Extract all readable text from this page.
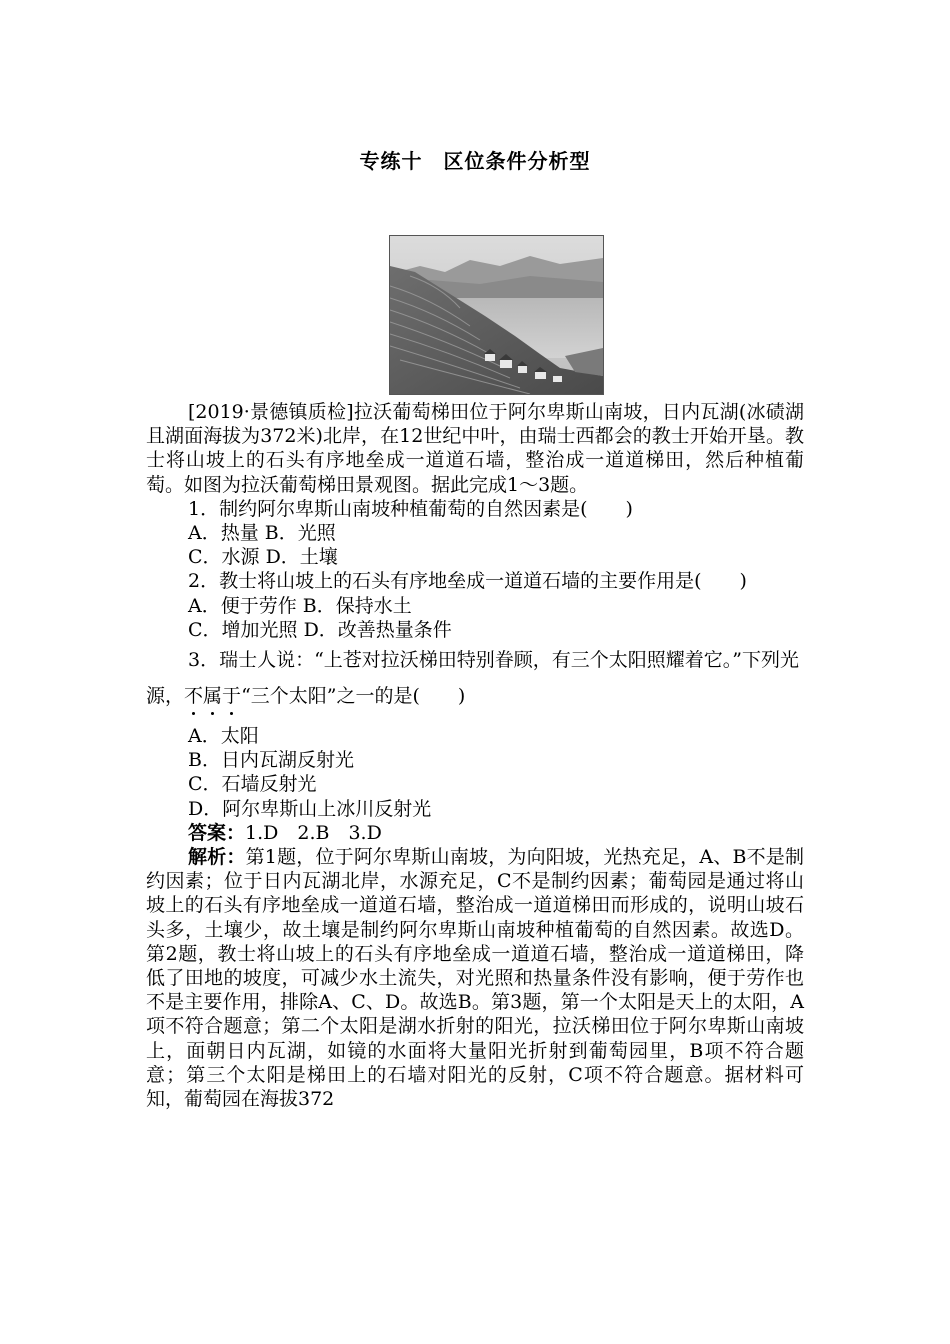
专练十　区位条件分析型

[2019·景德镇质检]拉沃葡萄梯田位于阿尔卑斯山南坡，日内瓦湖(冰碛湖且湖面海拔为372米)北岸，在12世纪中叶，由瑞士西都会的教士开始开垦。教士将山坡上的石头有序地垒成一道道石墙，整治成一道道梯田，然后种植葡萄。如图为拉沃葡萄梯田景观图。据此完成1～3题。

1．制约阿尔卑斯山南坡种植葡萄的自然因素是(　　)

A．热量 B．光照

C．水源 D．土壤

2．教士将山坡上的石头有序地垒成一道道石墙的主要作用是(　　)

A．便于劳作 B．保持水土

C．增加光照 D．改善热量条件

3．瑞士人说：“上苍对拉沃梯田特别眷顾，有三个太阳照耀着它。”下列光源，不
属
于
“三个太阳”之一的是(　　)

A．太阳

B．日内瓦湖反射光

C．石墙反射光

D．阿尔卑斯山上冰川反射光

答案：1.D　2.B　3.D

解析：第1题，位于阿尔卑斯山南坡，为向阳坡，光热充足，A、B不是制约因素；位于日内瓦湖北岸，水源充足，C不是制约因素；葡萄园是通过将山坡上的石头有序地垒成一道道石墙，整治成一道道梯田而形成的，说明山坡石头多，土壤少，故土壤是制约阿尔卑斯山南坡种植葡萄的自然因素。故选D。第2题，教士将山坡上的石头有序地垒成一道道石墙，整治成一道道梯田，降低了田地的坡度，可减少水土流失，对光照和热量条件没有影响，便于劳作也不是主要作用，排除A、C、D。故选B。第3题，第一个太阳是天上的太阳，A项不符合题意；第二个太阳是湖水折射的阳光，拉沃梯田位于阿尔卑斯山南坡上，面朝日内瓦湖，如镜的水面将大量阳光折射到葡萄园里，B项不符合题意；第三个太阳是梯田上的石墙对阳光的反射，C项不符合题意。据材料可知，葡萄园在海拔372
